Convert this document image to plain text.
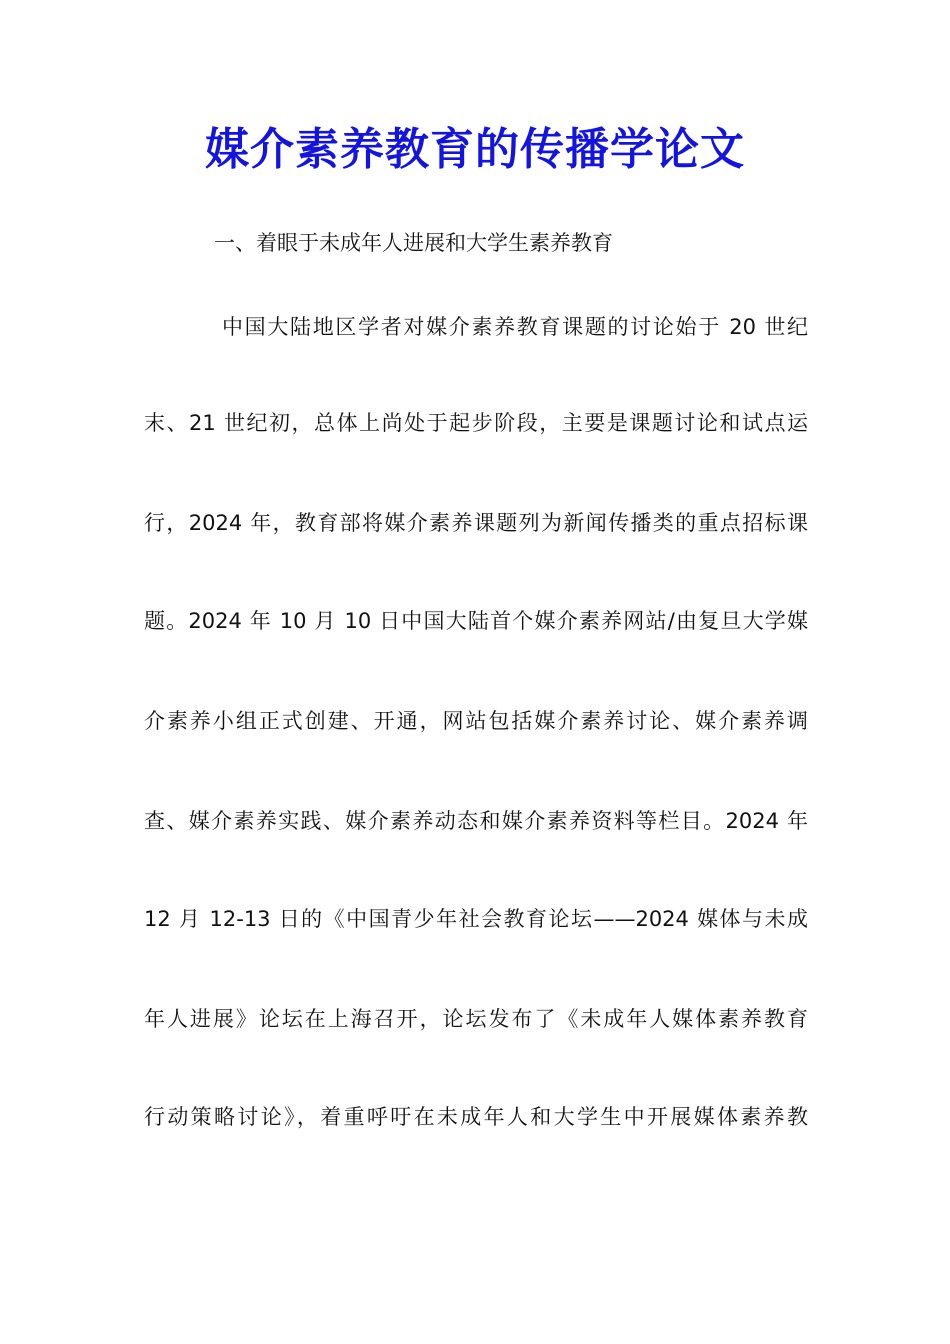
媒介素养教育的传播学论文
一、着眼于未成年人进展和大学生素养教育
中国大陆地区学者对媒介素养教育课题的讨论始于 20 世纪
末、21 世纪初，总体上尚处于起步阶段，主要是课题讨论和试点运
行，2024 年，教育部将媒介素养课题列为新闻传播类的重点招标课
题。2024 年 10 月 10 日中国大陆首个媒介素养网站/由复旦大学媒
介素养小组正式创建、开通，网站包括媒介素养讨论、媒介素养调
查、媒介素养实践、媒介素养动态和媒介素养资料等栏目。2024 年
12 月 12-13 日的《中国青少年社会教育论坛——2024 媒体与未成
年人进展》论坛在上海召开，论坛发布了《未成年人媒体素养教育
行动策略讨论》，着重呼吁在未成年人和大学生中开展媒体素养教
